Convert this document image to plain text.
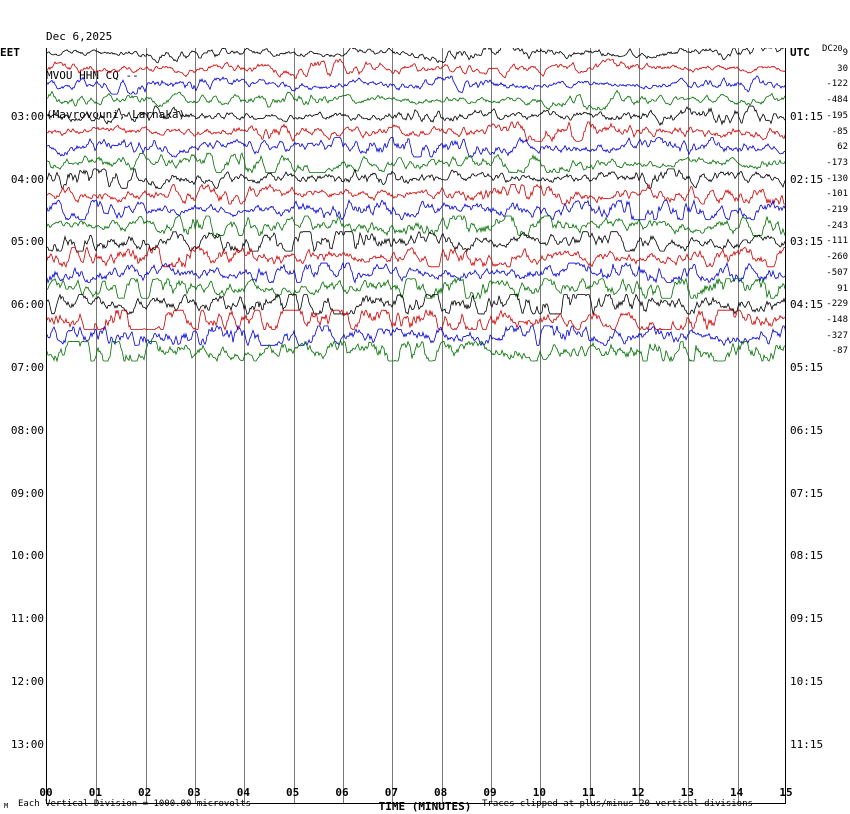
Dec 6,2025

MVOU HHN CQ --

(Mavrovouni, Larnaka)

EET	UTC DC20
03:00
04:00
05:00
06:00
07:00
08:00
09:00
10:00
11:00
12:00
13:00
01:15
02:15
03:15
04:15
05:15
06:15
07:15
08:15
09:15
10:15
11:15
9
30
-122
-484
-195
-85
62
-173
-130
-101
-219
-243
-111
-260
-507
91
-229
-148
-327
-87
00	01	02	03	04	05	06	07	08	09	10	11	12	13	14	15
TIME (MINUTES)
Each Vertical Division = 1000.00 microvolts	Traces clipped at plus/minus 20 vertical divisions
M
